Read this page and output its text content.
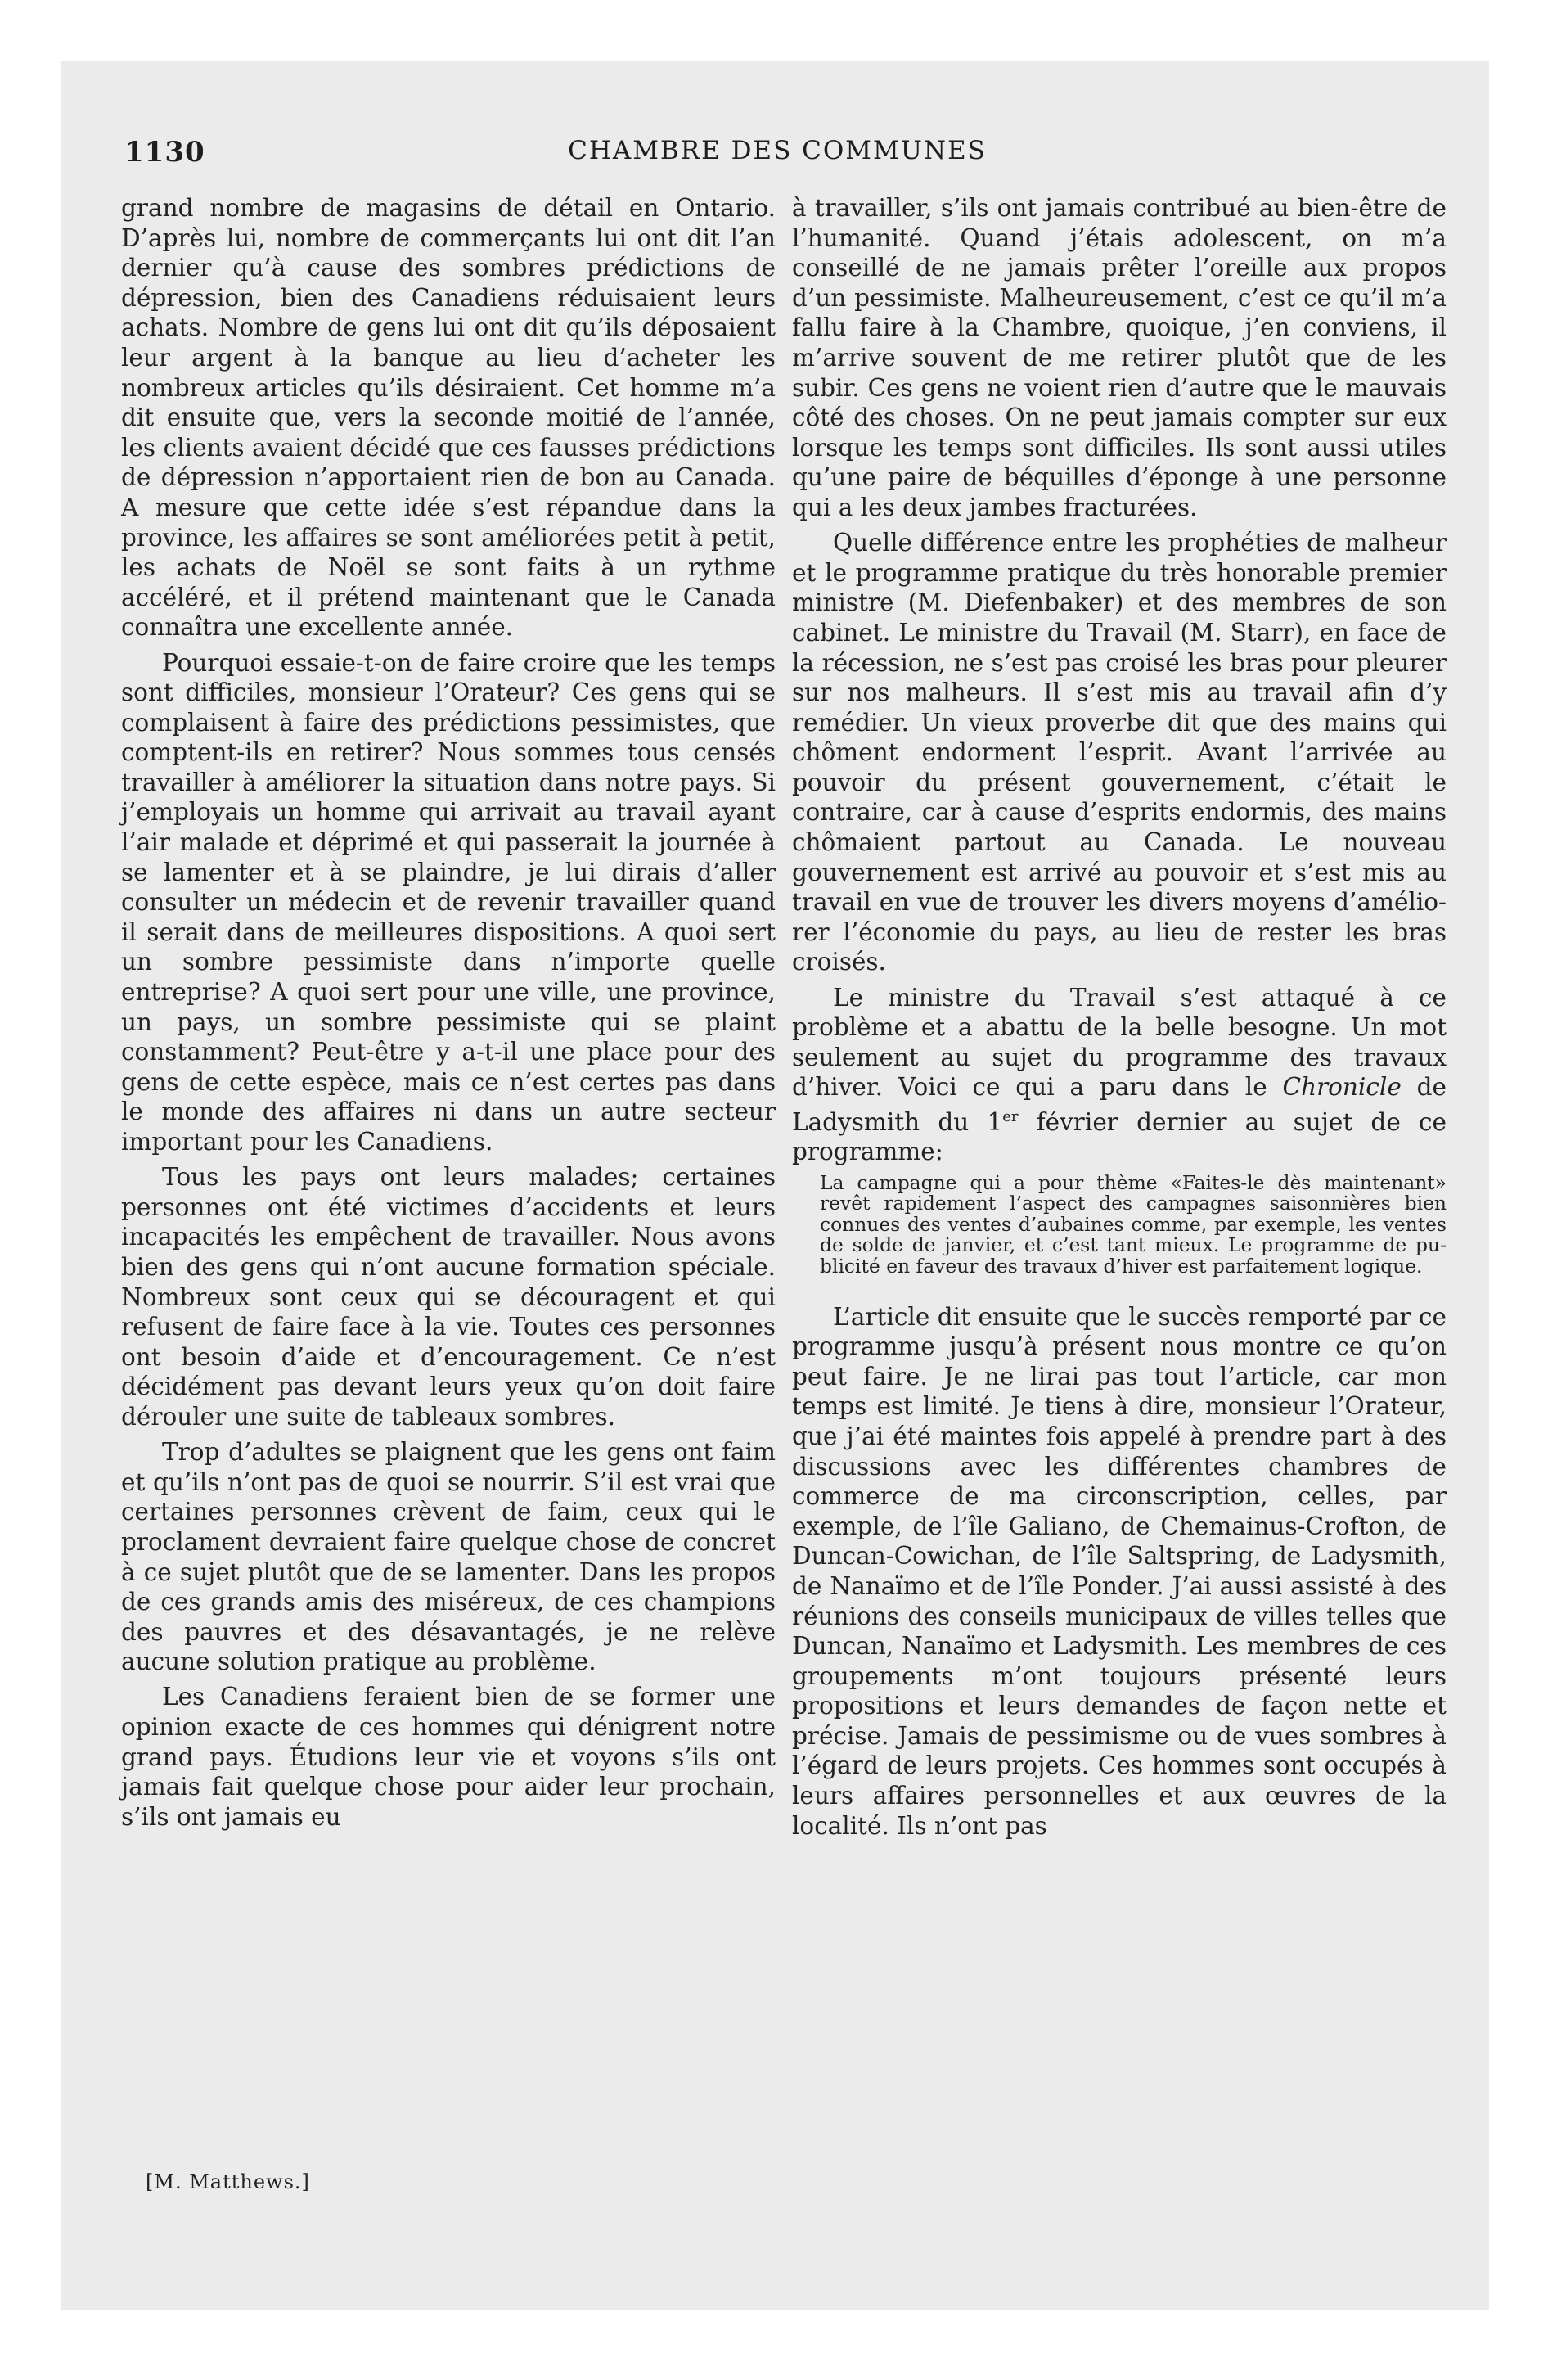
1130	CHAMBRE DES COMMUNES

grand nombre de magasins de détail en Ontario. D’après lui, nombre de commerçants lui ont dit l’an dernier qu’à cause des sombres prédictions de dépression, bien des Canadiens réduisaient leurs achats. Nombre de gens lui ont dit qu’ils déposaient leur argent à la banque au lieu d’acheter les nombreux articles qu’ils désiraient. Cet homme m’a dit ensuite que, vers la seconde moitié de l’année, les clients avaient décidé que ces fausses prédictions de dépression n’apportaient rien de bon au Canada. A mesure que cette idée s’est répandue dans la province, les affaires se sont améliorées petit à petit, les achats de Noël se sont faits à un rythme accéléré, et il prétend maintenant que le Canada connaîtra une excellente année.

Pourquoi essaie-t-on de faire croire que les temps sont difficiles, monsieur l’Orateur? Ces gens qui se complaisent à faire des prédictions pessimistes, que comptent-ils en retirer? Nous sommes tous censés travailler à améliorer la situation dans notre pays. Si j’employais un homme qui arrivait au travail ayant l’air malade et déprimé et qui passerait la journée à se lamenter et à se plaindre, je lui dirais d’aller consulter un médecin et de revenir travailler quand il serait dans de meilleures dispositions. A quoi sert un sombre pessimiste dans n’importe quelle entreprise? A quoi sert pour une ville, une province, un pays, un sombre pessimiste qui se plaint constamment? Peut-être y a-t-il une place pour des gens de cette espèce, mais ce n’est certes pas dans le monde des affaires ni dans un autre secteur important pour les Canadiens.

Tous les pays ont leurs malades; certaines personnes ont été victimes d’accidents et leurs incapacités les empêchent de travailler. Nous avons bien des gens qui n’ont aucune formation spéciale. Nombreux sont ceux qui se découragent et qui refusent de faire face à la vie. Toutes ces personnes ont besoin d’aide et d’encouragement. Ce n’est décidément pas devant leurs yeux qu’on doit faire dérouler une suite de tableaux sombres.

Trop d’adultes se plaignent que les gens ont faim et qu’ils n’ont pas de quoi se nourrir. S’il est vrai que certaines personnes crèvent de faim, ceux qui le proclament devraient faire quelque chose de concret à ce sujet plutôt que de se lamenter. Dans les propos de ces grands amis des miséreux, de ces champions des pauvres et des désavantagés, je ne relève aucune solution pratique au problème.

Les Canadiens feraient bien de se former une opinion exacte de ces hommes qui dénigrent notre grand pays. Étudions leur vie et voyons s’ils ont jamais fait quelque chose pour aider leur prochain, s’ils ont jamais eu

à travailler, s’ils ont jamais contribué au bien-être de l’humanité. Quand j’étais adolescent, on m’a conseillé de ne jamais prêter l’oreille aux propos d’un pessimiste. Malheureusement, c’est ce qu’il m’a fallu faire à la Chambre, quoique, j’en conviens, il m’arrive souvent de me retirer plutôt que de les subir. Ces gens ne voient rien d’autre que le mauvais côté des choses. On ne peut jamais compter sur eux lorsque les temps sont difficiles. Ils sont aussi utiles qu’une paire de béquilles d’éponge à une personne qui a les deux jambes fracturées.

Quelle différence entre les prophéties de malheur et le programme pratique du très honorable premier ministre (M. Diefenbaker) et des membres de son cabinet. Le ministre du Travail (M. Starr), en face de la récession, ne s’est pas croisé les bras pour pleurer sur nos malheurs. Il s’est mis au travail afin d’y remédier. Un vieux proverbe dit que des mains qui chôment endorment l’esprit. Avant l’arrivée au pouvoir du présent gouvernement, c’était le contraire, car à cause d’esprits endormis, des mains chômaient partout au Canada. Le nouveau gouvernement est arrivé au pouvoir et s’est mis au travail en vue de trouver les divers moyens d’améliorer l’économie du pays, au lieu de rester les bras croisés.

Le ministre du Travail s’est attaqué à ce problème et a abattu de la belle besogne. Un mot seulement au sujet du programme des travaux d’hiver. Voici ce qui a paru dans le Chronicle de Ladysmith du 1er février dernier au sujet de ce programme:

La campagne qui a pour thème «Faites-le dès maintenant» revêt rapidement l’aspect des campagnes saisonnières bien connues des ventes d’aubaines comme, par exemple, les ventes de solde de janvier, et c’est tant mieux. Le programme de publicité en faveur des travaux d’hiver est parfaitement logique.

L’article dit ensuite que le succès remporté par ce programme jusqu’à présent nous montre ce qu’on peut faire. Je ne lirai pas tout l’article, car mon temps est limité. Je tiens à dire, monsieur l’Orateur, que j’ai été maintes fois appelé à prendre part à des discussions avec les différentes chambres de commerce de ma circonscription, celles, par exemple, de l’île Galiano, de Chemainus-Crofton, de Duncan-Cowichan, de l’île Saltspring, de Ladysmith, de Nanaïmo et de l’île Ponder. J’ai aussi assisté à des réunions des conseils municipaux de villes telles que Duncan, Nanaïmo et Ladysmith. Les membres de ces groupements m’ont toujours présenté leurs propositions et leurs demandes de façon nette et précise. Jamais de pessimisme ou de vues sombres à l’égard de leurs projets. Ces hommes sont occupés à leurs affaires personnelles et aux œuvres de la localité. Ils n’ont pas

[M. Matthews.]
